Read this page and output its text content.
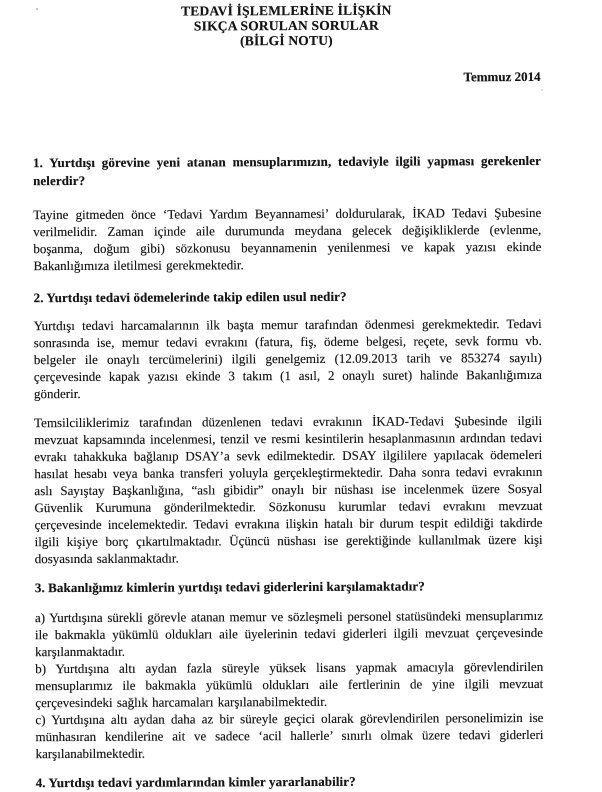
TEDAVİ İŞLEMLERİNE İLİŞKİN
SIKÇA SORULAN SORULAR
(BİLGİ NOTU)
Temmuz 2014
1. Yurtdışı görevine yeni atanan mensuplarımızın, tedaviyle ilgili yapması gerekenler nelerdir?

Tayine gitmeden önce ‘Tedavi Yardım Beyannamesi’ doldurularak, İKAD Tedavi Şubesine verilmelidir. Zaman içinde aile durumunda meydana gelecek değişikliklerde (evlenme, boşanma, doğum gibi) sözkonusu beyannamenin yenilenmesi ve kapak yazısı ekinde Bakanlığımıza iletilmesi gerekmektedir.

2. Yurtdışı tedavi ödemelerinde takip edilen usul nedir?

Yurtdışı tedavi harcamalarının ilk başta memur tarafından ödenmesi gerekmektedir. Tedavi sonrasında ise, memur tedavi evrakını (fatura, fiş, ödeme belgesi, reçete, sevk formu vb. belgeler ile onaylı tercümelerini) ilgili genelgemiz (12.09.2013 tarih ve 853274 sayılı) çerçevesinde kapak yazısı ekinde 3 takım (1 asıl, 2 onaylı suret) halinde Bakanlığımıza gönderir.

Temsilciliklerimiz tarafından düzenlenen tedavi evrakının İKAD-Tedavi Şubesinde ilgili mevzuat kapsamında incelenmesi, tenzil ve resmi kesintilerin hesaplanmasının ardından tedavi evrakı tahakkuka bağlanıp DSAY’a sevk edilmektedir. DSAY ilgililere yapılacak ödemeleri hasılat hesabı veya banka transferi yoluyla gerçekleştirmektedir. Daha sonra tedavi evrakının aslı Sayıştay Başkanlığına, “aslı gibidir” onaylı bir nüshası ise incelenmek üzere Sosyal Güvenlik Kurumuna gönderilmektedir. Sözkonusu kurumlar tedavi evrakını mevzuat çerçevesinde incelemektedir. Tedavi evrakına ilişkin hatalı bir durum tespit edildiği takdirde ilgili kişiye borç çıkartılmaktadır. Üçüncü nüshası ise gerektiğinde kullanılmak üzere kişi dosyasında saklanmaktadır.

3. Bakanlığımız kimlerin yurtdışı tedavi giderlerini karşılamaktadır?

a) Yurtdışına sürekli görevle atanan memur ve sözleşmeli personel statüsündeki mensuplarımız ile bakmakla yükümlü oldukları aile üyelerinin tedavi giderleri ilgili mevzuat çerçevesinde karşılanmaktadır.

b) Yurtdışına altı aydan fazla süreyle yüksek lisans yapmak amacıyla görevlendirilen mensuplarımız ile bakmakla yükümlü oldukları aile fertlerinin de yine ilgili mevzuat çerçevesindeki sağlık harcamaları karşılanabilmektedir.

c) Yurtdışına altı aydan daha az bir süreyle geçici olarak görevlendirilen personelimizin ise münhasıran kendilerine ait ve sadece ‘acil hallerle’ sınırlı olmak üzere tedavi giderleri karşılanabilmektedir.

4. Yurtdışı tedavi yardımlarından kimler yararlanabilir?
